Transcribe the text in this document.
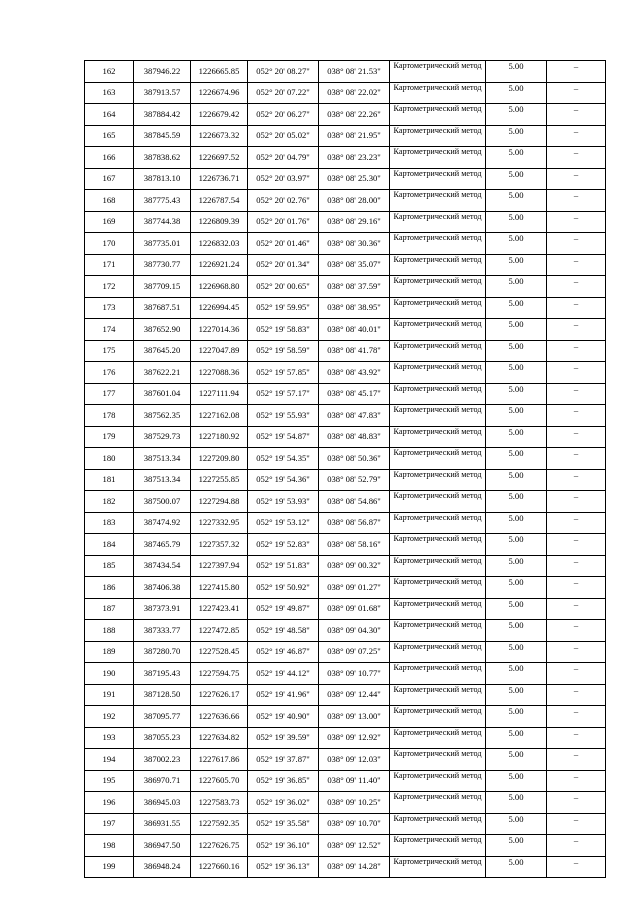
162	387946.22	1226665.85	052° 20' 08.27"	038° 08' 21.53"	Картометрический метод	5.00	–
163	387913.57	1226674.96	052° 20' 07.22"	038° 08' 22.02"	Картометрический метод	5.00	–
164	387884.42	1226679.42	052° 20' 06.27"	038° 08' 22.26"	Картометрический метод	5.00	–
165	387845.59	1226673.32	052° 20' 05.02"	038° 08' 21.95"	Картометрический метод	5.00	–
166	387838.62	1226697.52	052° 20' 04.79"	038° 08' 23.23"	Картометрический метод	5.00	–
167	387813.10	1226736.71	052° 20' 03.97"	038° 08' 25.30"	Картометрический метод	5.00	–
168	387775.43	1226787.54	052° 20' 02.76"	038° 08' 28.00"	Картометрический метод	5.00	–
169	387744.38	1226809.39	052° 20' 01.76"	038° 08' 29.16"	Картометрический метод	5.00	–
170	387735.01	1226832.03	052° 20' 01.46"	038° 08' 30.36"	Картометрический метод	5.00	–
171	387730.77	1226921.24	052° 20' 01.34"	038° 08' 35.07"	Картометрический метод	5.00	–
172	387709.15	1226968.80	052° 20' 00.65"	038° 08' 37.59"	Картометрический метод	5.00	–
173	387687.51	1226994.45	052° 19' 59.95"	038° 08' 38.95"	Картометрический метод	5.00	–
174	387652.90	1227014.36	052° 19' 58.83"	038° 08' 40.01"	Картометрический метод	5.00	–
175	387645.20	1227047.89	052° 19' 58.59"	038° 08' 41.78"	Картометрический метод	5.00	–
176	387622.21	1227088.36	052° 19' 57.85"	038° 08' 43.92"	Картометрический метод	5.00	–
177	387601.04	1227111.94	052° 19' 57.17"	038° 08' 45.17"	Картометрический метод	5.00	–
178	387562.35	1227162.08	052° 19' 55.93"	038° 08' 47.83"	Картометрический метод	5.00	–
179	387529.73	1227180.92	052° 19' 54.87"	038° 08' 48.83"	Картометрический метод	5.00	–
180	387513.34	1227209.80	052° 19' 54.35"	038° 08' 50.36"	Картометрический метод	5.00	–
181	387513.34	1227255.85	052° 19' 54.36"	038° 08' 52.79"	Картометрический метод	5.00	–
182	387500.07	1227294.88	052° 19' 53.93"	038° 08' 54.86"	Картометрический метод	5.00	–
183	387474.92	1227332.95	052° 19' 53.12"	038° 08' 56.87"	Картометрический метод	5.00	–
184	387465.79	1227357.32	052° 19' 52.83"	038° 08' 58.16"	Картометрический метод	5.00	–
185	387434.54	1227397.94	052° 19' 51.83"	038° 09' 00.32"	Картометрический метод	5.00	–
186	387406.38	1227415.80	052° 19' 50.92"	038° 09' 01.27"	Картометрический метод	5.00	–
187	387373.91	1227423.41	052° 19' 49.87"	038° 09' 01.68"	Картометрический метод	5.00	–
188	387333.77	1227472.85	052° 19' 48.58"	038° 09' 04.30"	Картометрический метод	5.00	–
189	387280.70	1227528.45	052° 19' 46.87"	038° 09' 07.25"	Картометрический метод	5.00	–
190	387195.43	1227594.75	052° 19' 44.12"	038° 09' 10.77"	Картометрический метод	5.00	–
191	387128.50	1227626.17	052° 19' 41.96"	038° 09' 12.44"	Картометрический метод	5.00	–
192	387095.77	1227636.66	052° 19' 40.90"	038° 09' 13.00"	Картометрический метод	5.00	–
193	387055.23	1227634.82	052° 19' 39.59"	038° 09' 12.92"	Картометрический метод	5.00	–
194	387002.23	1227617.86	052° 19' 37.87"	038° 09' 12.03"	Картометрический метод	5.00	–
195	386970.71	1227605.70	052° 19' 36.85"	038° 09' 11.40"	Картометрический метод	5.00	–
196	386945.03	1227583.73	052° 19' 36.02"	038° 09' 10.25"	Картометрический метод	5.00	–
197	386931.55	1227592.35	052° 19' 35.58"	038° 09' 10.70"	Картометрический метод	5.00	–
198	386947.50	1227626.75	052° 19' 36.10"	038° 09' 12.52"	Картометрический метод	5.00	–
199	386948.24	1227660.16	052° 19' 36.13"	038° 09' 14.28"	Картометрический метод	5.00	–
